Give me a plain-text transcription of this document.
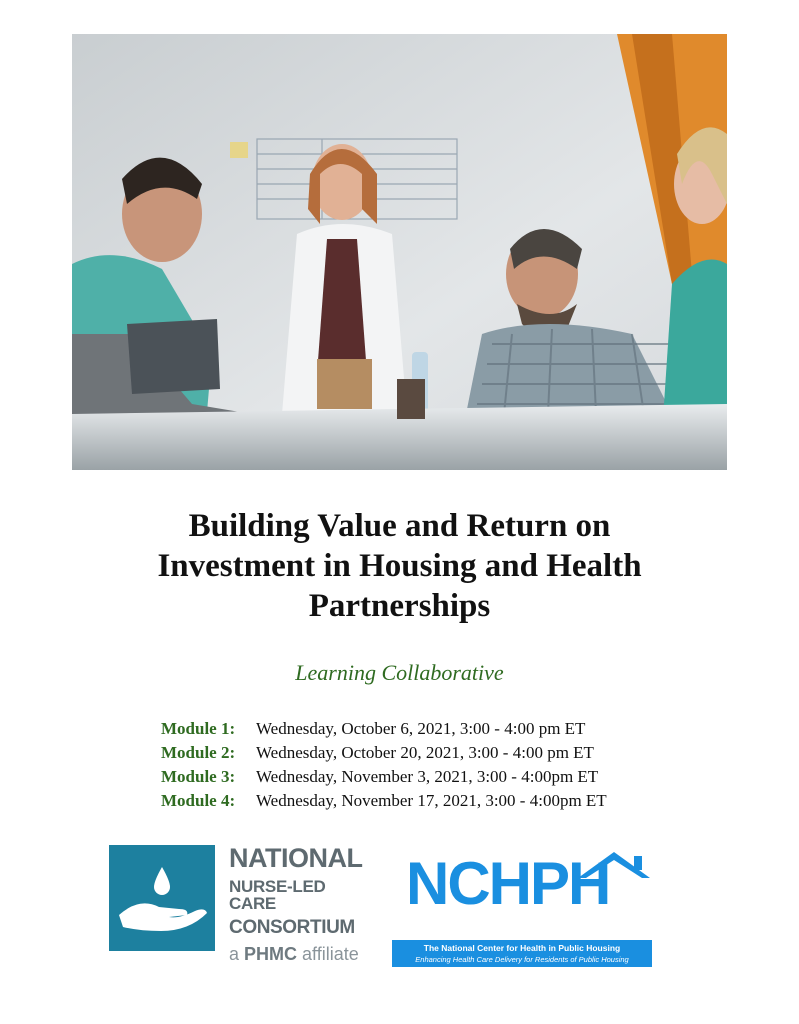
Building Value and Return on
Investment in Housing and Health
Partnerships
Learning Collaborative
Module 1:	Wednesday, October 6, 2021, 3:00 - 4:00 pm ET
Module 2:	Wednesday, October 20, 2021, 3:00 - 4:00 pm ET
Module 3:	Wednesday, November 3, 2021, 3:00 - 4:00pm ET
Module 4:	Wednesday, November 17, 2021, 3:00 - 4:00pm ET
NATIONAL
NURSE-LED CARE
CONSORTIUM
a PHMC affiliate
NCHPH
The National Center for Health in Public Housing
Enhancing Health Care Delivery for Residents of Public Housing
